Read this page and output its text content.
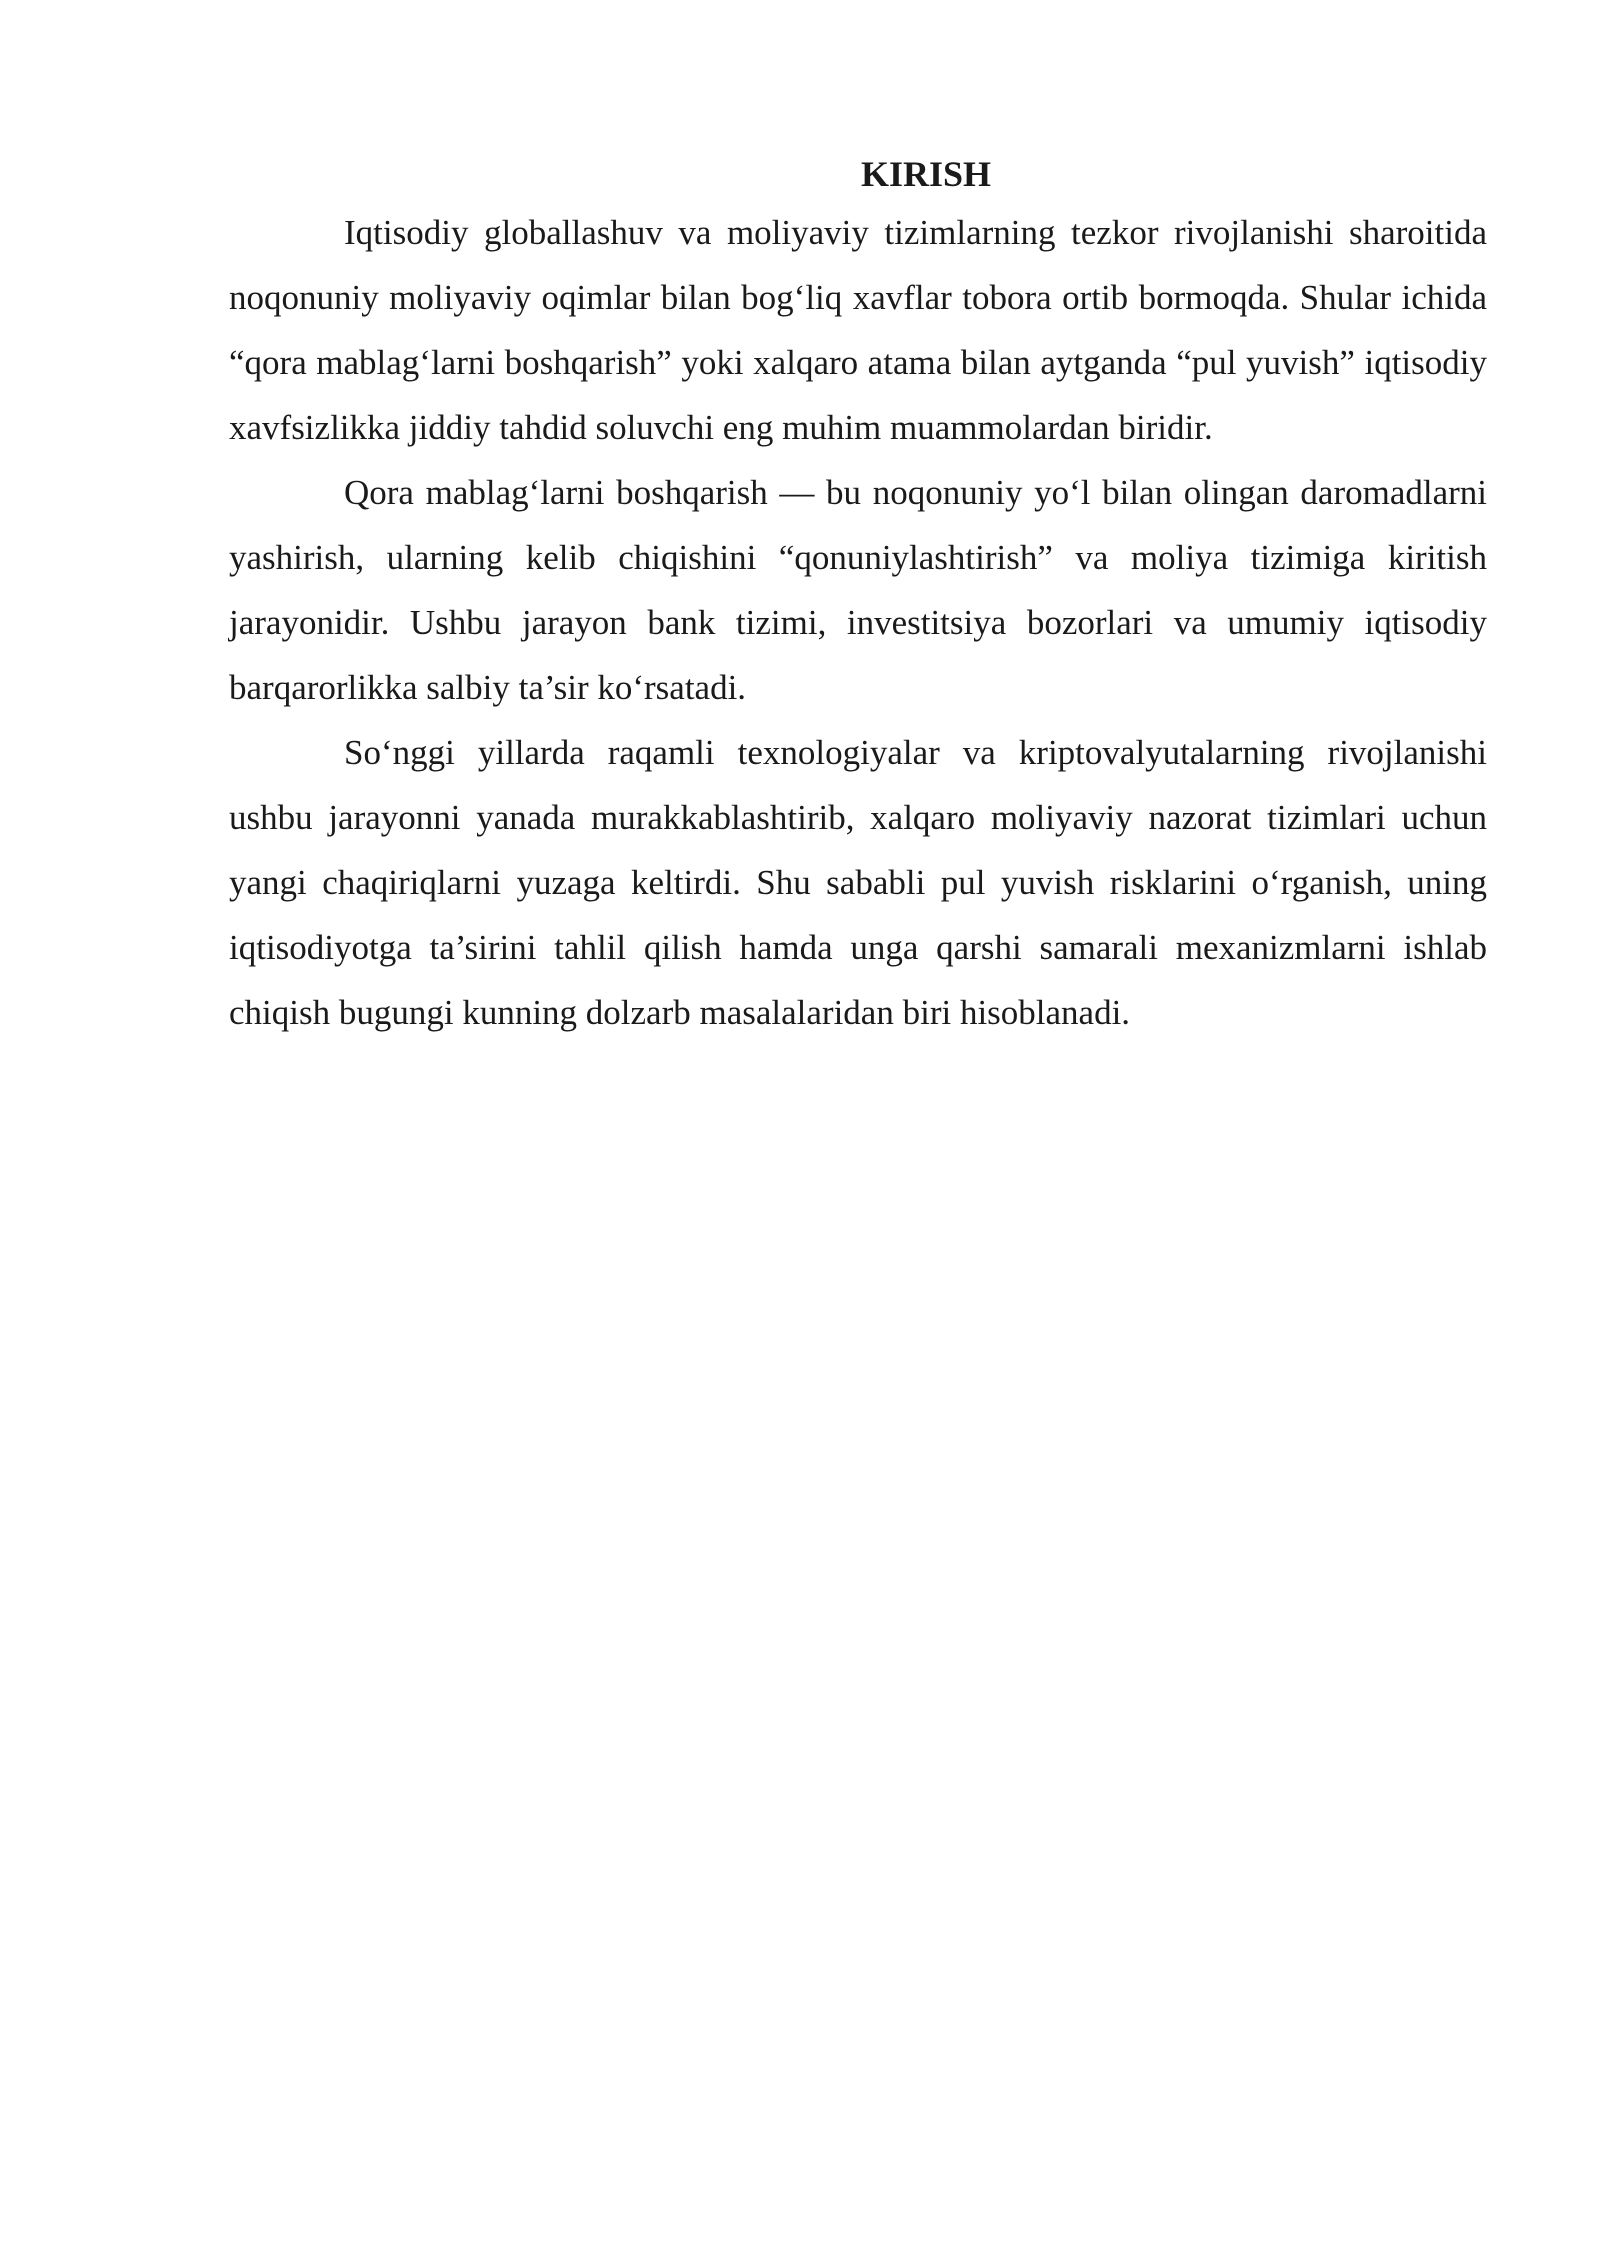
KIRISH

Iqtisodiy globallashuv va moliyaviy tizimlarning tezkor rivojlanishi sharoitida noqonuniy moliyaviy oqimlar bilan bog‘liq xavflar tobora ortib bormoqda. Shular ichida “qora mablag‘larni boshqarish” yoki xalqaro atama bilan aytganda “pul yuvish” iqtisodiy xavfsizlikka jiddiy tahdid soluvchi eng muhim muammolardan biridir.

Qora mablag‘larni boshqarish — bu noqonuniy yo‘l bilan olingan daromadlarni yashirish, ularning kelib chiqishini “qonuniylashtirish” va moliya tizimiga kiritish jarayonidir. Ushbu jarayon bank tizimi, investitsiya bozorlari va umumiy iqtisodiy barqarorlikka salbiy ta’sir ko‘rsatadi.

So‘nggi yillarda raqamli texnologiyalar va kriptovalyutalarning rivojlanishi ushbu jarayonni yanada murakkablashtirib, xalqaro moliyaviy nazorat tizimlari uchun yangi chaqiriqlarni yuzaga keltirdi. Shu sababli pul yuvish risklarini o‘rganish, uning iqtisodiyotga ta’sirini tahlil qilish hamda unga qarshi samarali mexanizmlarni ishlab chiqish bugungi kunning dolzarb masalalaridan biri hisoblanadi.
